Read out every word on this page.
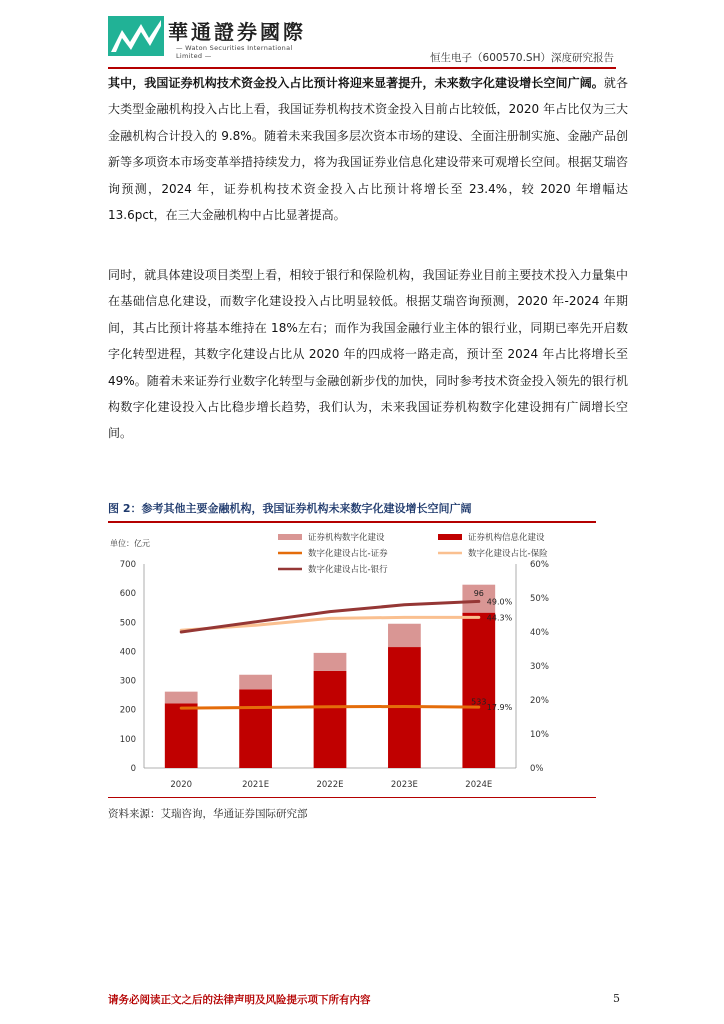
華通證券國際
— Waton Securities International Limited —	恒生电子（600570.SH）深度研究报告
其中，我国证券机构技术资金投入占比预计将迎来显著提升，未来数字化建设增长空间广阔。就各大类型金融机构投入占比上看，我国证券机构技术资金投入目前占比较低，2020 年占比仅为三大金融机构合计投入的 9.8%。随着未来我国多层次资本市场的建设、全面注册制实施、金融产品创新等多项资本市场变革举措持续发力，将为我国证券业信息化建设带来可观增长空间。根据艾瑞咨询预测，2024 年，证券机构技术资金投入占比预计将增长至 23.4%，较 2020 年增幅达 13.6pct，在三大金融机构中占比显著提高。
同时，就具体建设项目类型上看，相较于银行和保险机构，我国证券业目前主要技术投入力量集中在基础信息化建设，而数字化建设投入占比明显较低。根据艾瑞咨询预测，2020 年-2024 年期间，其占比预计将基本维持在 18%左右；而作为我国金融行业主体的银行业，同期已率先开启数字化转型进程，其数字化建设占比从 2020 年的四成将一路走高，预计至 2024 年占比将增长至 49%。随着未来证券行业数字化转型与金融创新步伐的加快，同时参考技术资金投入领先的银行机构数字化建设投入占比稳步增长趋势，我们认为，未来我国证券机构数字化建设拥有广阔增长空间。
图 2：参考其他主要金融机构，我国证券机构未来数字化建设增长空间广阔
单位：亿元
0
100
200
300
400
500
600
700
0%
10%
20%
30%
40%
50%
60%
2020	2021E	2022E	2023E	2024E
96
533
49.0%
44.3%
17.9%
证券机构数字化建设	证券机构信息化建设
数字化建设占比-证券	数字化建设占比-保险
数字化建设占比-银行
资料来源：艾瑞咨询，华通证券国际研究部
请务必阅读正文之后的法律声明及风险提示项下所有内容	5
